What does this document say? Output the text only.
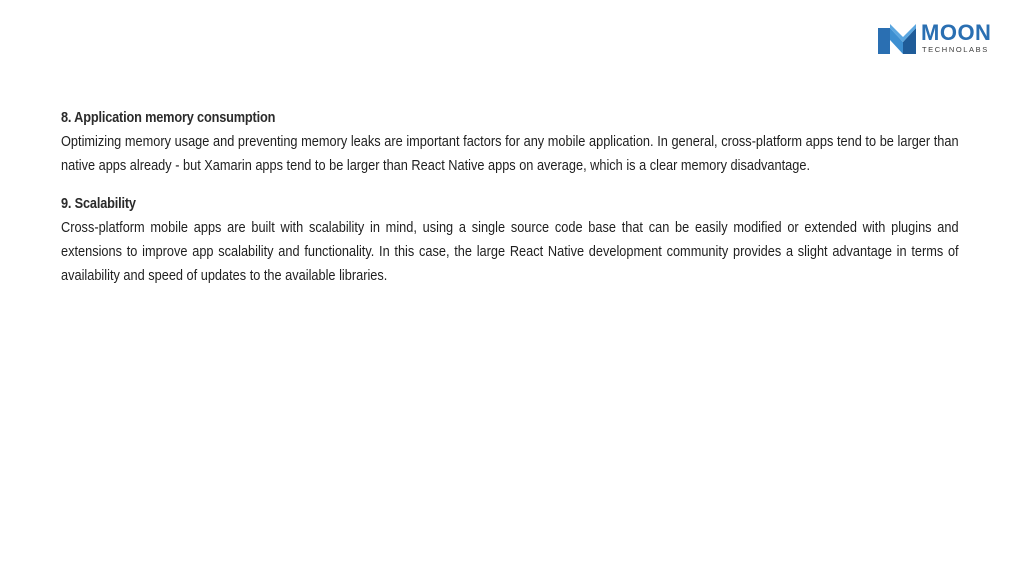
MOON
TECHNOLABS
8. Application memory consumption

Optimizing memory usage and preventing memory leaks are important factors for any mobile application. In general, cross-platform apps tend to be larger than native apps already - but Xamarin apps tend to be larger than React Native apps on average, which is a clear memory disadvantage.

9. Scalability

Cross-platform mobile apps are built with scalability in mind, using a single source code base that can be easily modified or extended with plugins and extensions to improve app scalability and functionality. In this case, the large React Native development community provides a slight advantage in terms of availability and speed of updates to the available libraries.
